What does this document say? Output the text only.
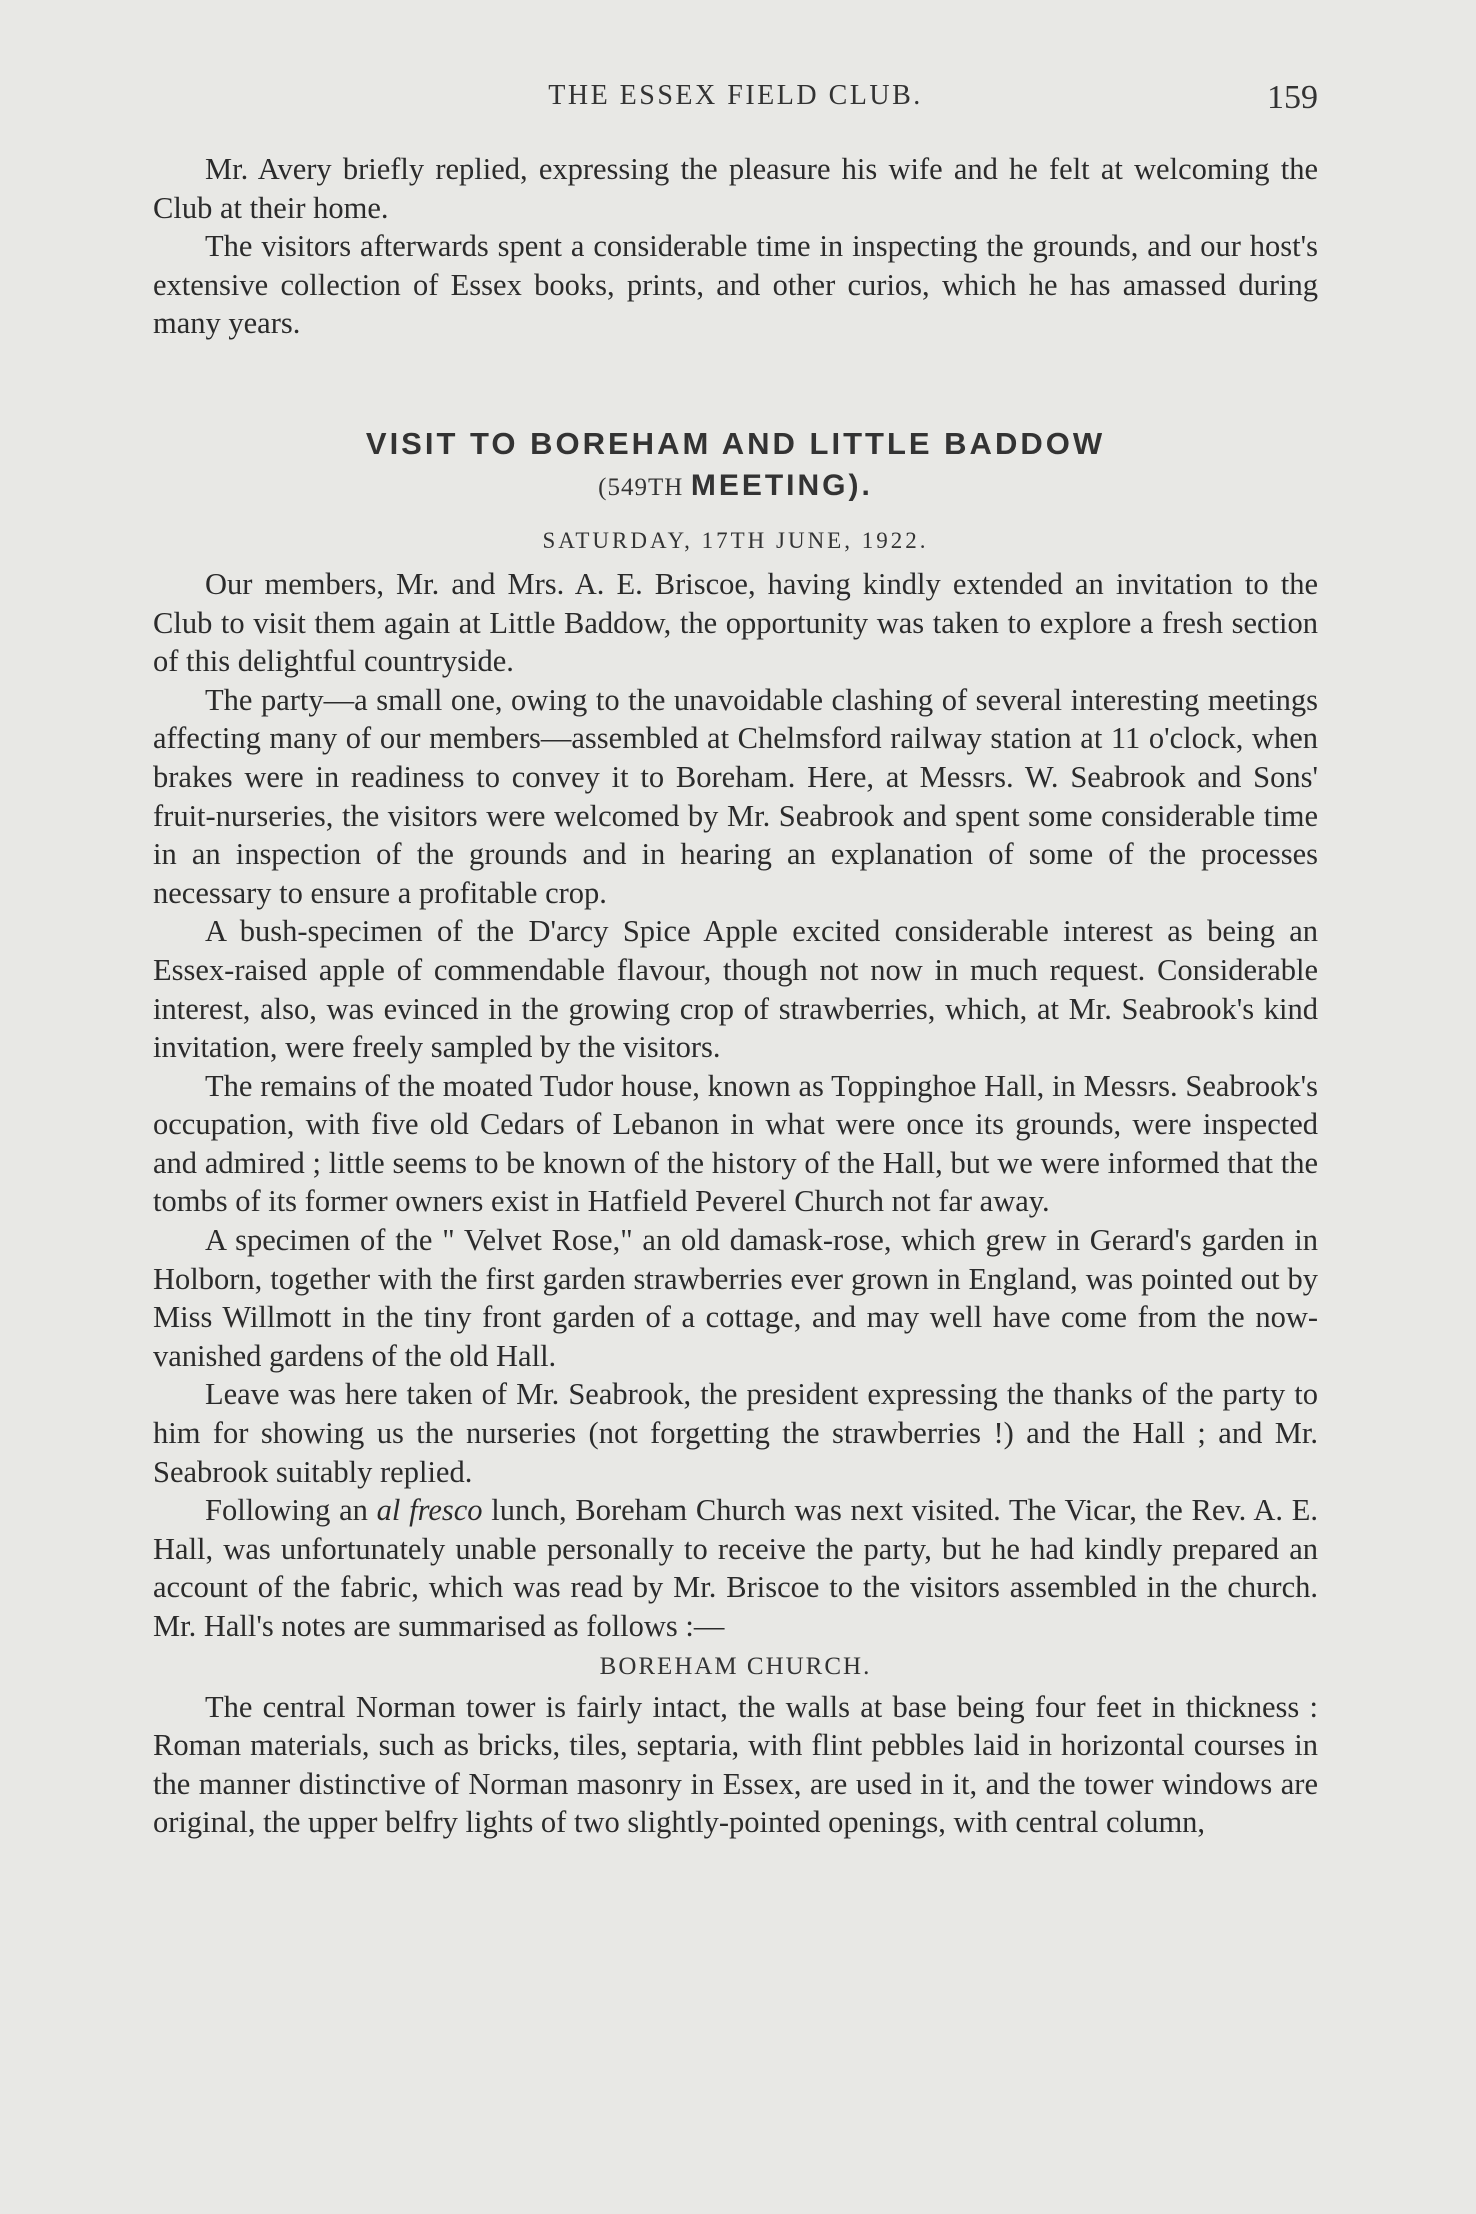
THE ESSEX FIELD CLUB.	159

Mr. Avery briefly replied, expressing the pleasure his wife and he felt at welcoming the Club at their home.

The visitors afterwards spent a considerable time in inspecting the grounds, and our host's extensive collection of Essex books, prints, and other curios, which he has amassed during many years.

VISIT TO BOREHAM AND LITTLE BADDOW
(549TH MEETING).
SATURDAY, 17TH JUNE, 1922.

Our members, Mr. and Mrs. A. E. Briscoe, having kindly extended an invitation to the Club to visit them again at Little Baddow, the opportunity was taken to explore a fresh section of this delightful countryside.

The party—a small one, owing to the unavoidable clashing of several interesting meetings affecting many of our members—assembled at Chelmsford railway station at 11 o'clock, when brakes were in readiness to convey it to Boreham. Here, at Messrs. W. Seabrook and Sons' fruit-nurseries, the visitors were welcomed by Mr. Seabrook and spent some considerable time in an inspection of the grounds and in hearing an explanation of some of the processes necessary to ensure a profitable crop.

A bush-specimen of the D'arcy Spice Apple excited considerable interest as being an Essex-raised apple of commendable flavour, though not now in much request. Considerable interest, also, was evinced in the growing crop of strawberries, which, at Mr. Seabrook's kind invitation, were freely sampled by the visitors.

The remains of the moated Tudor house, known as Toppinghoe Hall, in Messrs. Seabrook's occupation, with five old Cedars of Lebanon in what were once its grounds, were inspected and admired ; little seems to be known of the history of the Hall, but we were informed that the tombs of its former owners exist in Hatfield Peverel Church not far away.

A specimen of the " Velvet Rose," an old damask-rose, which grew in Gerard's garden in Holborn, together with the first garden strawberries ever grown in England, was pointed out by Miss Willmott in the tiny front garden of a cottage, and may well have come from the now-vanished gardens of the old Hall.

Leave was here taken of Mr. Seabrook, the president expressing the thanks of the party to him for showing us the nurseries (not forgetting the strawberries !) and the Hall ; and Mr. Seabrook suitably replied.

Following an al fresco lunch, Boreham Church was next visited. The Vicar, the Rev. A. E. Hall, was unfortunately unable personally to receive the party, but he had kindly prepared an account of the fabric, which was read by Mr. Briscoe to the visitors assembled in the church. Mr. Hall's notes are summarised as follows :—

BOREHAM CHURCH.

The central Norman tower is fairly intact, the walls at base being four feet in thickness : Roman materials, such as bricks, tiles, septaria, with flint pebbles laid in horizontal courses in the manner distinctive of Norman masonry in Essex, are used in it, and the tower windows are original, the upper belfry lights of two slightly-pointed openings, with central column,
